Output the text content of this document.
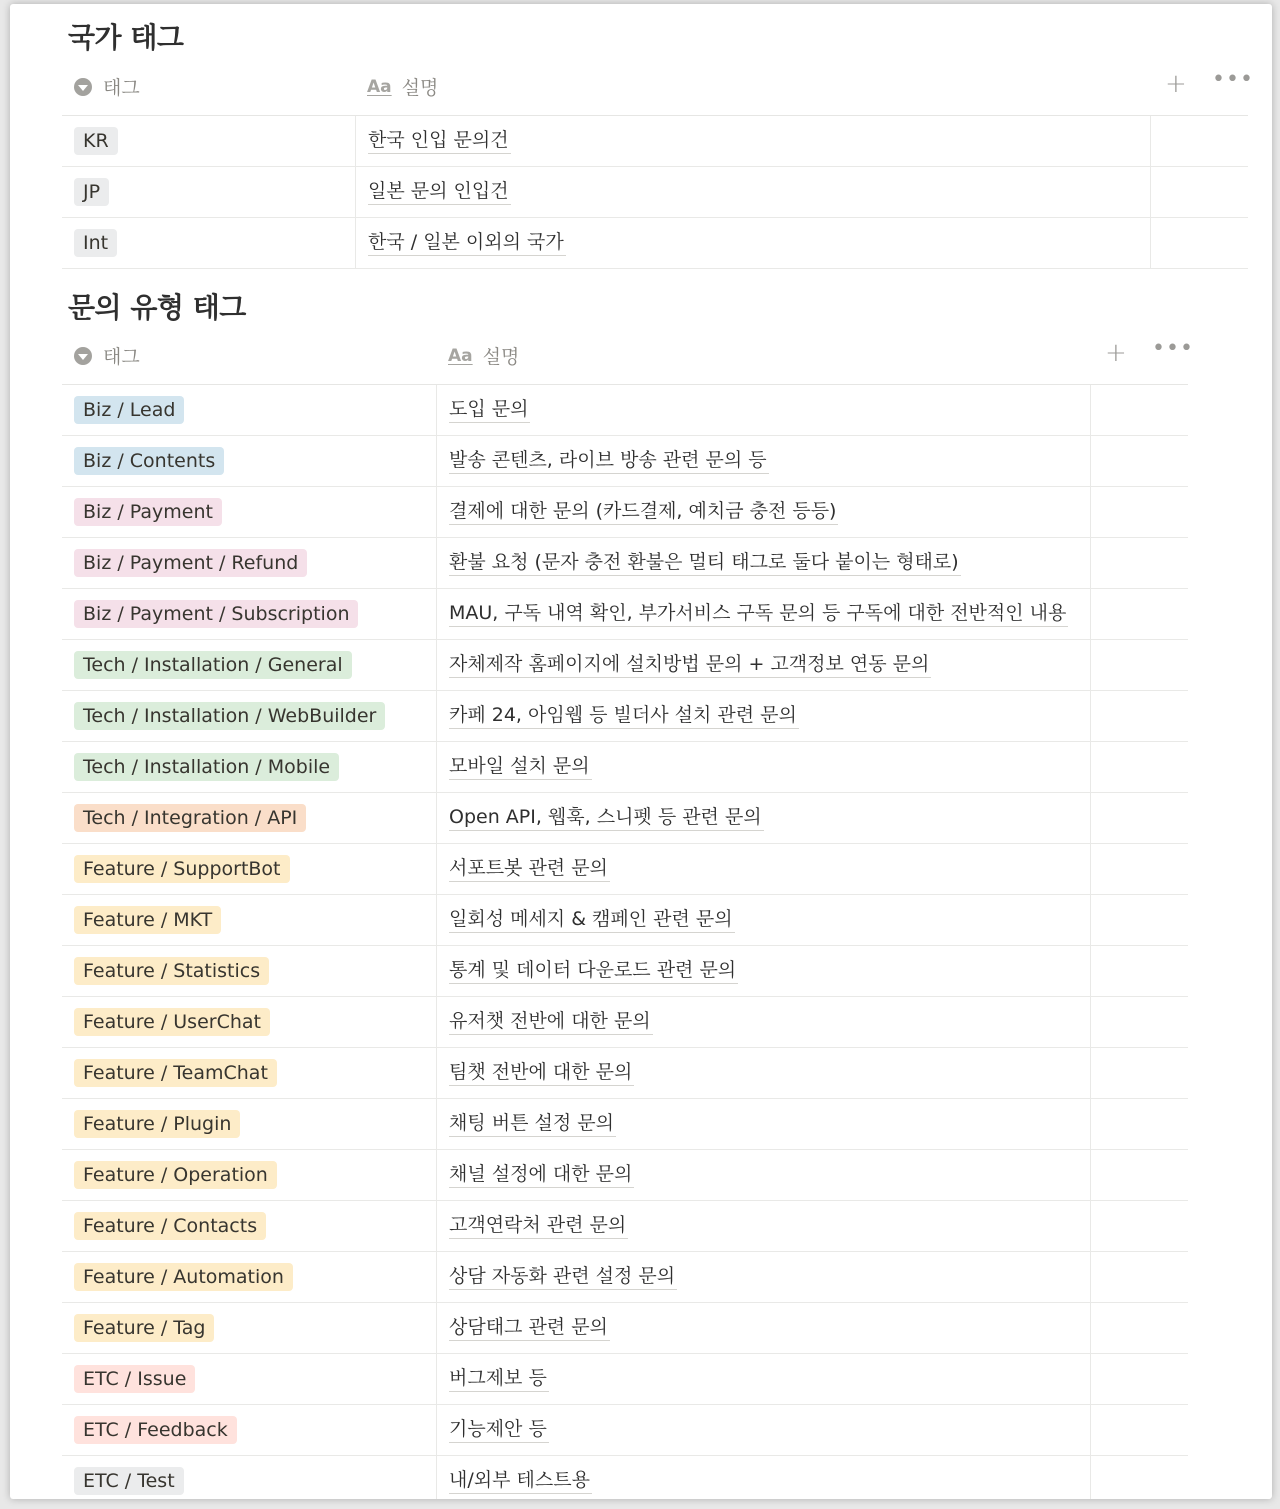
국가 태그
태그	Aa 설명	+ •••
KR	한국 인입 문의건
JP	일본 문의 인입건
Int	한국 / 일본 이외의 국가
문의 유형 태그
태그	Aa 설명	+ •••
Biz / Lead	도입 문의
Biz / Contents	발송 콘텐츠, 라이브 방송 관련 문의 등
Biz / Payment	결제에 대한 문의 (카드결제, 예치금 충전 등등)
Biz / Payment / Refund	환불 요청 (문자 충전 환불은 멀티 태그로 둘다 붙이는 형태로)
Biz / Payment / Subscription	MAU, 구독 내역 확인, 부가서비스 구독 문의 등 구독에 대한 전반적인 내용
Tech / Installation / General	자체제작 홈페이지에 설치방법 문의 + 고객정보 연동 문의
Tech / Installation / WebBuilder	카페 24, 아임웹 등 빌더사 설치 관련 문의
Tech / Installation / Mobile	모바일 설치 문의
Tech / Integration / API	Open API, 웹훅, 스니펫 등 관련 문의
Feature / SupportBot	서포트봇 관련 문의
Feature / MKT	일회성 메세지 & 캠페인 관련 문의
Feature / Statistics	통계 및 데이터 다운로드 관련 문의
Feature / UserChat	유저챗 전반에 대한 문의
Feature / TeamChat	팀챗 전반에 대한 문의
Feature / Plugin	채팅 버튼 설정 문의
Feature / Operation	채널 설정에 대한 문의
Feature / Contacts	고객연락처 관련 문의
Feature / Automation	상담 자동화 관련 설정 문의
Feature / Tag	상담태그 관련 문의
ETC / Issue	버그제보 등
ETC / Feedback	기능제안 등
ETC / Test	내/외부 테스트용
